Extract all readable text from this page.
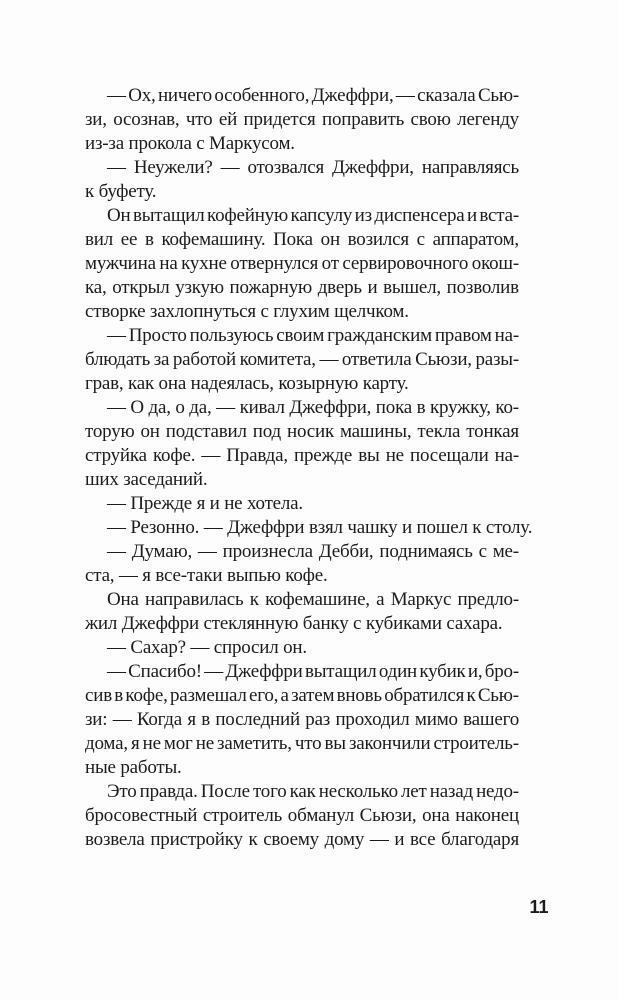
— Ох, ничего особенного, Джеффри, — сказала Сью-
зи, осознав, что ей придется поправить свою легенду
из-за прокола с Маркусом.
— Неужели? — отозвался Джеффри, направляясь
к буфету.
Он вытащил кофейную капсулу из диспенсера и вста-
вил ее в кофемашину. Пока он возился с аппаратом,
мужчина на кухне отвернулся от сервировочного окош-
ка, открыл узкую пожарную дверь и вышел, позволив
створке захлопнуться с глухим щелчком.
— Просто пользуюсь своим гражданским правом на-
блюдать за работой комитета, — ответила Сьюзи, разы-
грав, как она надеялась, козырную карту.
— О да, о да, — кивал Джеффри, пока в кружку, ко-
торую он подставил под носик машины, текла тонкая
струйка кофе. — Правда, прежде вы не посещали на-
ших заседаний.
— Прежде я и не хотела.
— Резонно. — Джеффри взял чашку и пошел к столу.
— Думаю, — произнесла Дебби, поднимаясь с ме-
ста, — я все-таки выпью кофе.
Она направилась к кофемашине, а Маркус предло-
жил Джеффри стеклянную банку с кубиками сахара.
— Сахар? — спросил он.
— Спасибо! — Джеффри вытащил один кубик и, бро-
сив в кофе, размешал его, а затем вновь обратился к Сью-
зи: — Когда я в последний раз проходил мимо вашего
дома, я не мог не заметить, что вы закончили строитель-
ные работы.
Это правда. После того как несколько лет назад недо-
бросовестный строитель обманул Сьюзи, она наконец
возвела пристройку к своему дому — и все благодаря
11
